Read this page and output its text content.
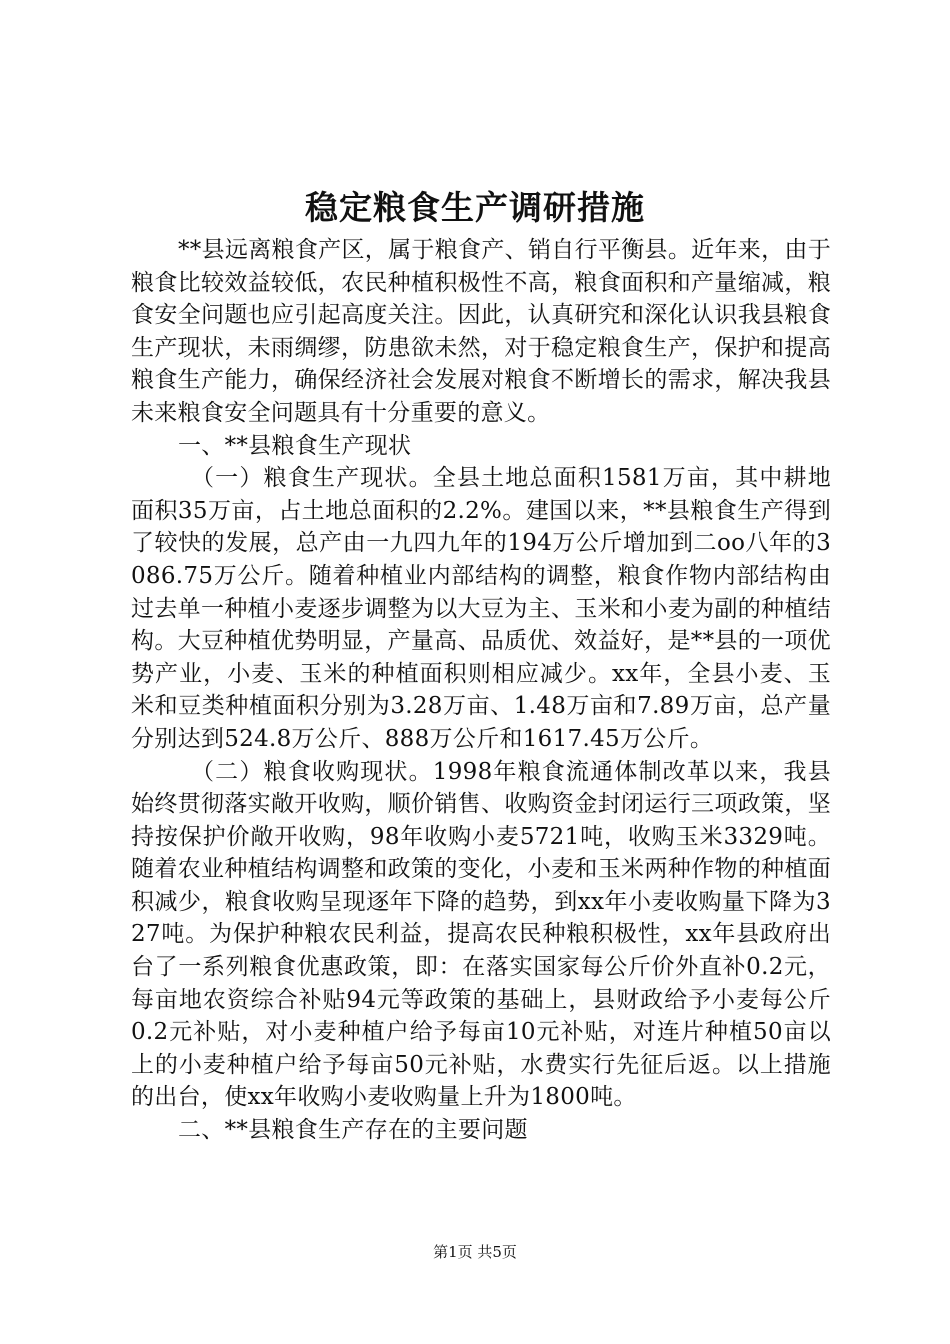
稳定粮食生产调研措施

**县远离粮食产区，属于粮食产、销自行平衡县。近年来，由于粮食比较效益较低，农民种植积极性不高，粮食面积和产量缩减，粮食安全问题也应引起高度关注。因此，认真研究和深化认识我县粮食生产现状，未雨绸缪，防患欲未然，对于稳定粮食生产，保护和提高粮食生产能力，确保经济社会发展对粮食不断增长的需求，解决我县未来粮食安全问题具有十分重要的意义。

一、**县粮食生产现状

（一）粮食生产现状。全县土地总面积1581万亩，其中耕地面积35万亩，占土地总面积的2.2%。建国以来，**县粮食生产得到了较快的发展，总产由一九四九年的194万公斤增加到二oo八年的3086.75万公斤。随着种植业内部结构的调整，粮食作物内部结构由过去单一种植小麦逐步调整为以大豆为主、玉米和小麦为副的种植结构。大豆种植优势明显，产量高、品质优、效益好，是**县的一项优势产业，小麦、玉米的种植面积则相应减少。xx年，全县小麦、玉米和豆类种植面积分别为3.28万亩、1.48万亩和7.89万亩，总产量分别达到524.8万公斤、888万公斤和1617.45万公斤。

（二）粮食收购现状。1998年粮食流通体制改革以来，我县始终贯彻落实敞开收购，顺价销售、收购资金封闭运行三项政策，坚持按保护价敞开收购，98年收购小麦5721吨，收购玉米3329吨。随着农业种植结构调整和政策的变化，小麦和玉米两种作物的种植面积减少，粮食收购呈现逐年下降的趋势，到xx年小麦收购量下降为327吨。为保护种粮农民利益，提高农民种粮积极性，xx年县政府出台了一系列粮食优惠政策，即：在落实国家每公斤价外直补0.2元，每亩地农资综合补贴94元等政策的基础上，县财政给予小麦每公斤0.2元补贴，对小麦种植户给予每亩10元补贴，对连片种植50亩以上的小麦种植户给予每亩50元补贴，水费实行先征后返。以上措施的出台，使xx年收购小麦收购量上升为1800吨。

二、**县粮食生产存在的主要问题

第1页 共5页
